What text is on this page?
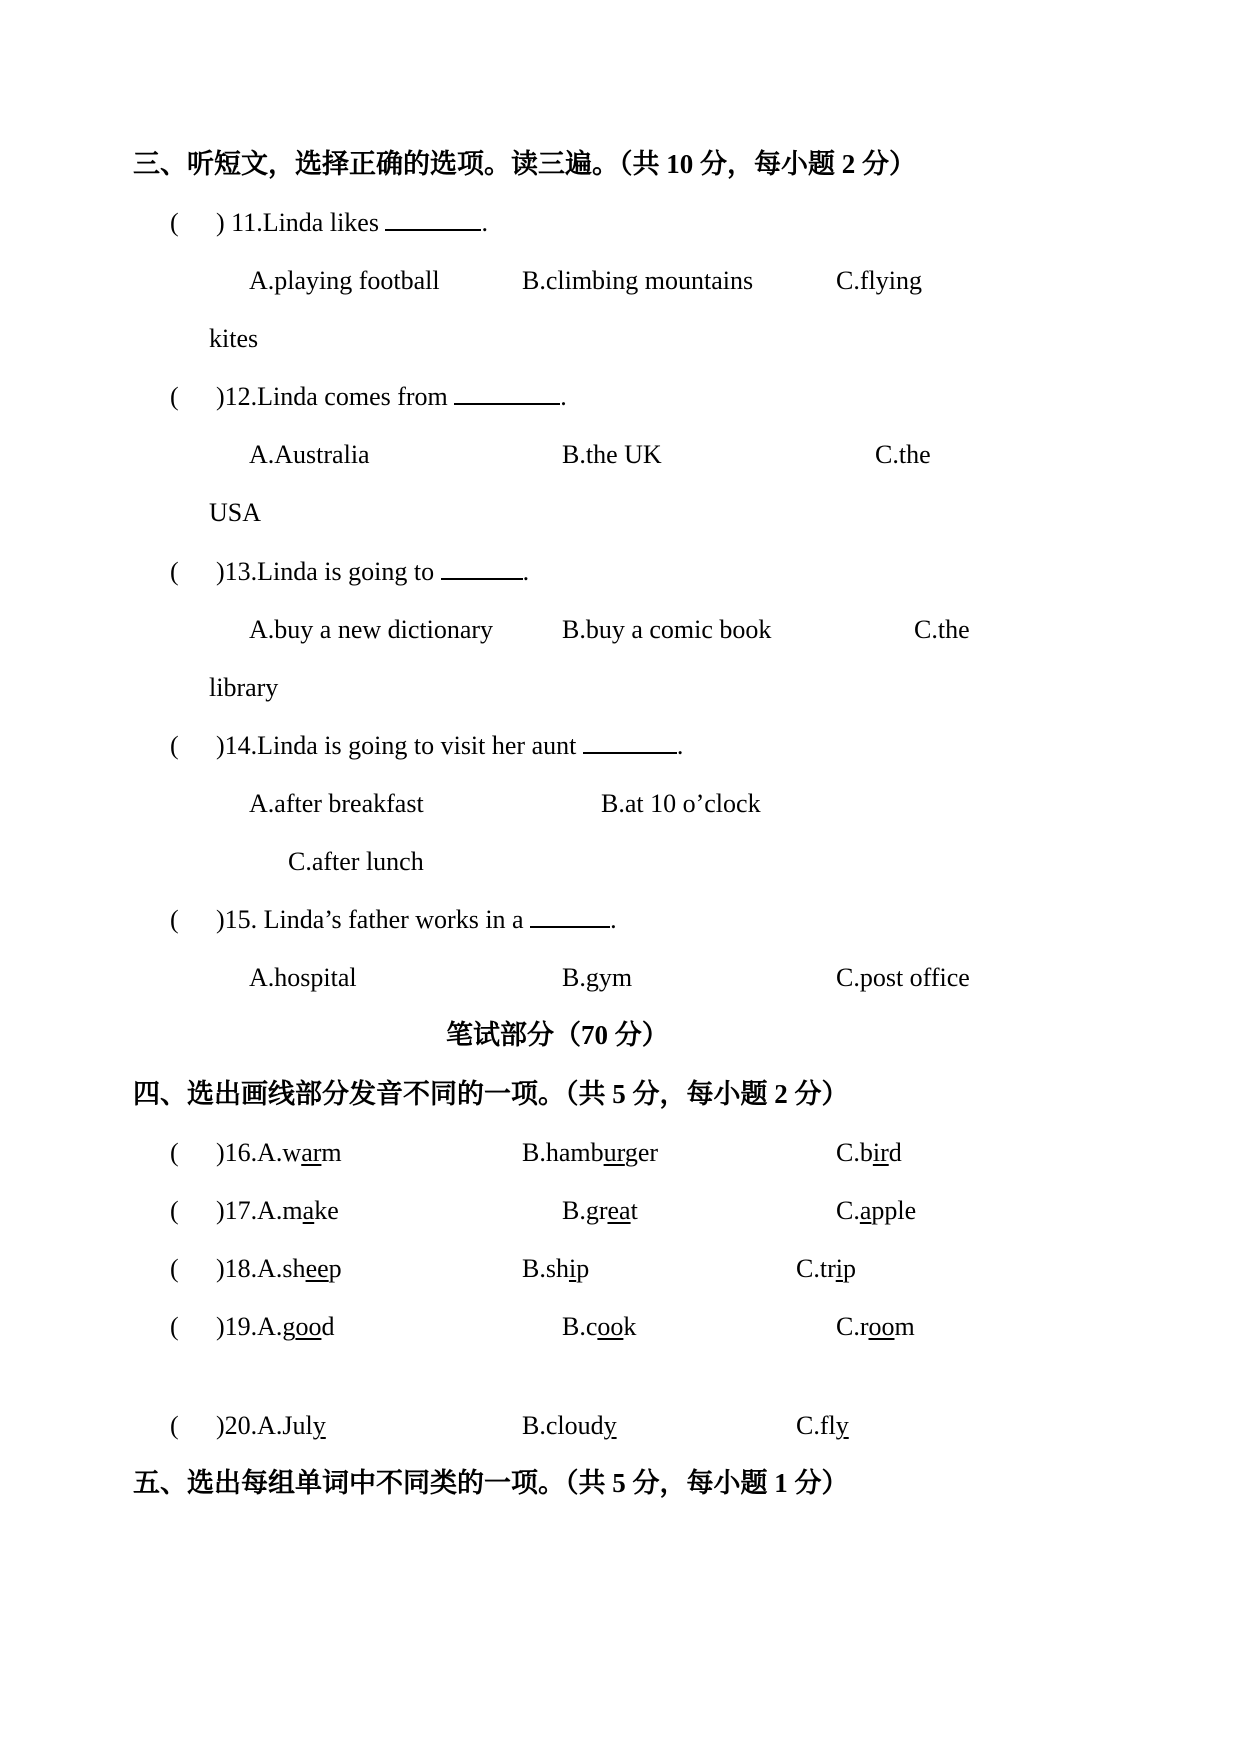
三、听短文，选择正确的选项。读三遍。（共 10 分，每小题 2 分）
( ) 11.Linda likes	.
A.playing football	B.climbing mountains	C.flying
kites
( )12.Linda comes from	.
A.Australia	B.the UK	C.the
USA
( )13.Linda is going to	.
A.buy a new dictionary	B.buy a comic book	C.the
library
( )14.Linda is going to visit her aunt	.
A.after breakfast	B.at 10 o’clock
C.after lunch
( )15. Linda’s father works in a	.
A.hospital	B.gym	C.post office
笔试部分（70 分）
四、选出画线部分发音不同的一项。（共 5 分，每小题 2 分）
( )16.A.warm	B.hamburger	C.bird
( )17.A.make	B.great	C.apple
( )18.A.sheep	B.ship	C.trip
( )19.A.good	B.cook	C.room
( )20.A.July	B.cloudy	C.fly
五、选出每组单词中不同类的一项。（共 5 分，每小题 1 分）
